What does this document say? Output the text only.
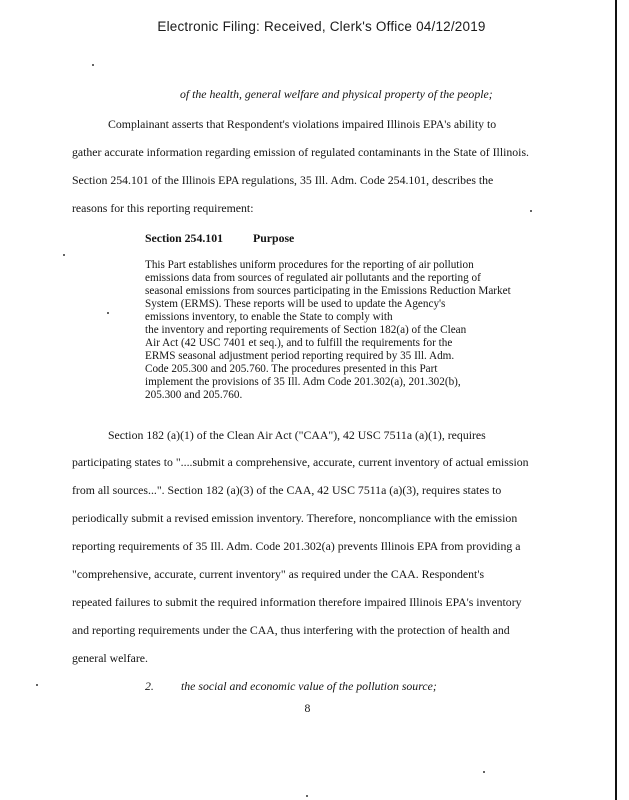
Electronic Filing: Received, Clerk's Office 04/12/2019
of the health, general welfare and physical property of the people;
Complainant asserts that Respondent's violations impaired Illinois EPA's ability to
gather accurate information regarding emission of regulated contaminants in the State of Illinois.
Section 254.101 of the Illinois EPA regulations, 35 Ill. Adm. Code 254.101, describes the
reasons for this reporting requirement:
Section 254.101	Purpose
This Part establishes uniform procedures for the reporting of air pollution
emissions data from sources of regulated air pollutants and the reporting of
seasonal emissions from sources participating in the Emissions Reduction Market
System (ERMS). These reports will be used to update the Agency's
emissions inventory, to enable the State to comply with
the inventory and reporting requirements of Section 182(a) of the Clean
Air Act (42 USC 7401 et seq.), and to fulfill the requirements for the
ERMS seasonal adjustment period reporting required by 35 Ill. Adm.
Code 205.300 and 205.760. The procedures presented in this Part
implement the provisions of 35 Ill. Adm Code 201.302(a), 201.302(b),
205.300 and 205.760.
Section 182 (a)(1) of the Clean Air Act ("CAA"), 42 USC 7511a (a)(1), requires
participating states to "....submit a comprehensive, accurate, current inventory of actual emission
from all sources...". Section 182 (a)(3) of the CAA, 42 USC 7511a (a)(3), requires states to
periodically submit a revised emission inventory. Therefore, noncompliance with the emission
reporting requirements of 35 Ill. Adm. Code 201.302(a) prevents Illinois EPA from providing a
"comprehensive, accurate, current inventory" as required under the CAA. Respondent's
repeated failures to submit the required information therefore impaired Illinois EPA's inventory
and reporting requirements under the CAA, thus interfering with the protection of health and
general welfare.
2. the social and economic value of the pollution source;
8
